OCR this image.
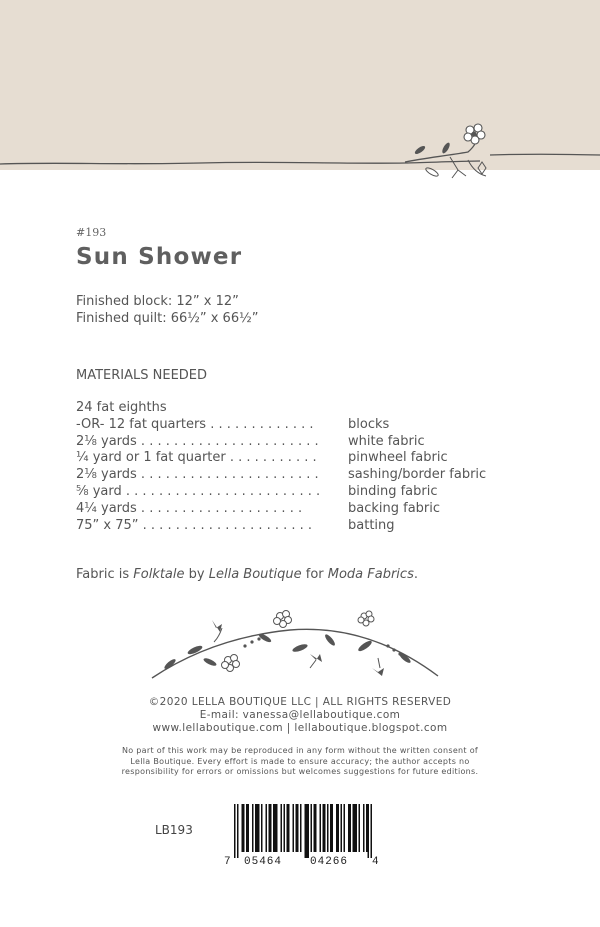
#193
Sun Shower
Finished block: 12” x 12”
Finished quilt: 66½” x 66½”
MATERIALS NEEDED
24 fat eighths
-OR- 12 fat quarters . . . . . . . . . . . . .	blocks
2⅛ yards . . . . . . . . . . . . . . . . . . . . . . white fabric
¼ yard or 1 fat quarter . . . . . . . . . . . pinwheel fabric
2⅛ yards . . . . . . . . . . . . . . . . . . . . . . sashing/border fabric
⅝ yard . . . . . . . . . . . . . . . . . . . . . . . . binding fabric
4¼ yards . . . . . . . . . . . . . . . . . . . .	backing fabric
75” x 75” . . . . . . . . . . . . . . . . . . . . .	batting
Fabric is Folktale by Lella Boutique for Moda Fabrics.
©2020 LELLA BOUTIQUE LLC | ALL RIGHTS RESERVED
E-mail: vanessa@lellaboutique.com
www.lellaboutique.com | lellaboutique.blogspot.com
No part of this work may be reproduced in any form without the written consent of Lella Boutique. Every effort is made to ensure accuracy; the author accepts no responsibility for errors or omissions but welcomes suggestions for future editions.
LB193
7 05464	04266 4
